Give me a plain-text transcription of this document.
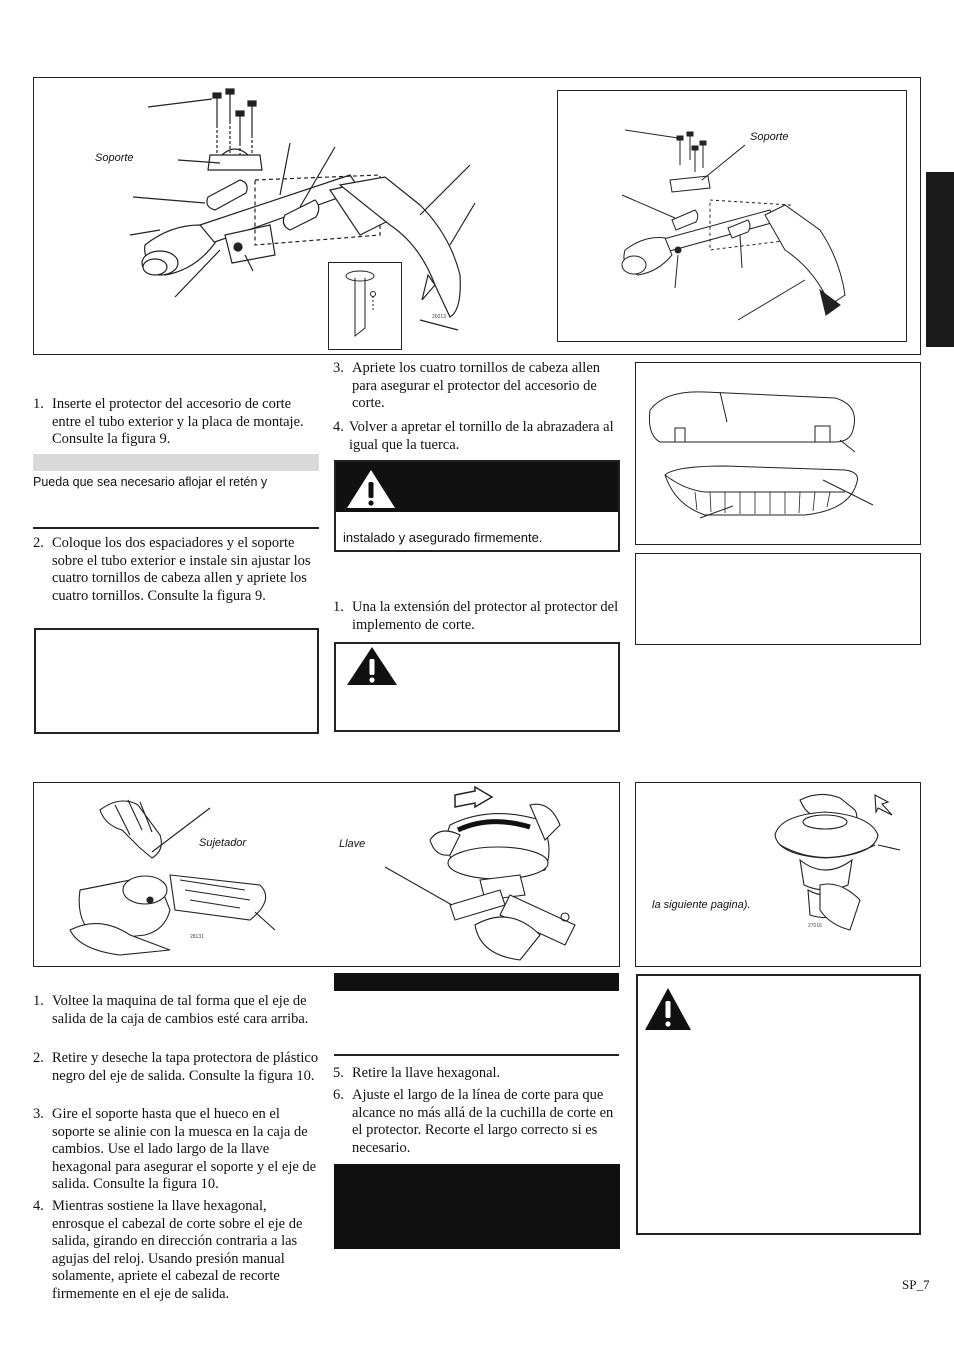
Soporte
26013
Soporte
1. Inserte el protector del accesorio de corte entre el tubo exterior y la placa de montaje. Consulte la figura 9.
Pueda que sea necesario aflojar el retén y
2. Coloque los dos espaciadores y el soporte sobre el tubo exterior e instale sin ajustar los cuatro tornillos de cabeza allen y apriete los cuatro tornillos. Consulte la figura 9.
3. Apriete los cuatro tornillos de cabeza allen para asegurar el protector del accesorio de corte.
4. Volver a apretar el tornillo de la abrazadera al igual que la tuerca.
instalado y asegurado firmemente.
1. Una la extensión del protector al protector del implemento de corte.
Sujetador
28131
Llave
la siguiente pagina).
27016
1. Voltee la maquina de tal forma que el eje de salida de la caja de cambios esté cara arriba.
2. Retire y deseche la tapa protectora de plástico negro del eje de salida. Consulte la figura 10.
3. Gire el soporte hasta que el hueco en el soporte se alinie con la muesca en la caja de cambios. Use el lado largo de la llave hexagonal para asegurar el soporte y el eje de salida. Consulte la figura 10.
4. Mientras sostiene la llave hexagonal, enrosque el cabezal de corte sobre el eje de salida, girando en dirección contraria a las agujas del reloj. Usando presión manual solamente, apriete el cabezal de recorte firmemente en el eje de salida.
5. Retire la llave hexagonal.
6. Ajuste el largo de la línea de corte para que alcance no más allá de la cuchilla de corte en el protector. Recorte el largo correcto si es necesario.
SP_7
